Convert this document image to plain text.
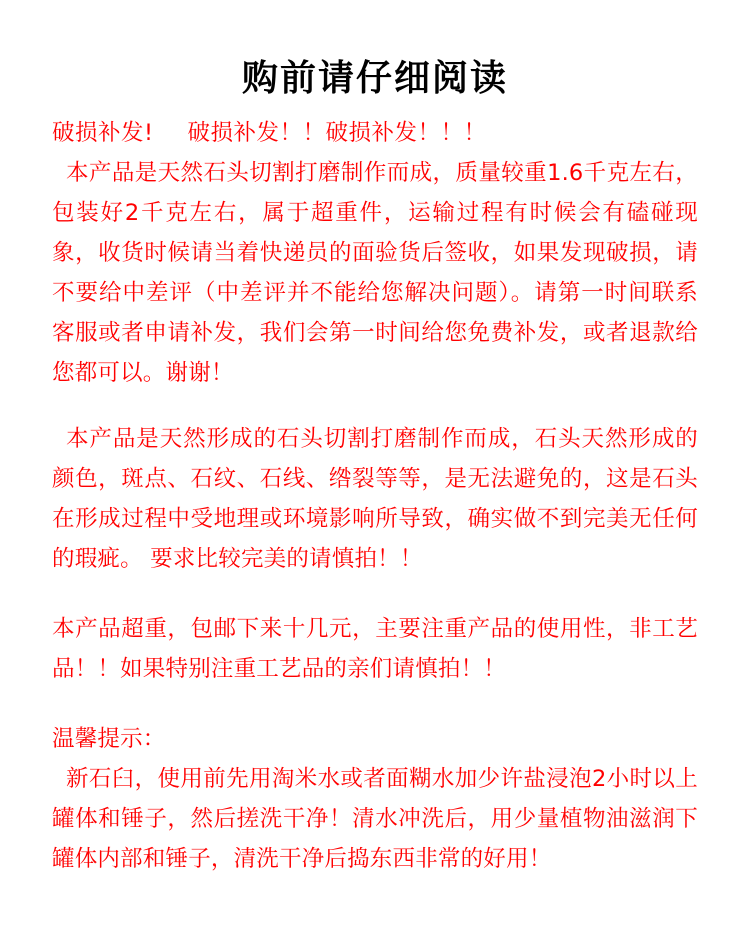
购前请仔细阅读

破损补发! 破损补发！！破损补发！！！

本产品是天然石头切割打磨制作而成，质量较重1.6千克左右，包装好2千克左右，属于超重件，运输过程有时候会有磕碰现象，收货时候请当着快递员的面验货后签收，如果发现破损，请不要给中差评（中差评并不能给您解决问题）。请第一时间联系客服或者申请补发，我们会第一时间给您免费补发，或者退款给您都可以。谢谢！

本产品是天然形成的石头切割打磨制作而成，石头天然形成的颜色，斑点、石纹、石线、绺裂等等，是无法避免的，这是石头在形成过程中受地理或环境影响所导致，确实做不到完美无任何的瑕疵。 要求比较完美的请慎拍！！

本产品超重，包邮下来十几元，主要注重产品的使用性，非工艺品！！如果特别注重工艺品的亲们请慎拍！！

温馨提示：

新石臼，使用前先用淘米水或者面糊水加少许盐浸泡2小时以上罐体和锤子，然后搓洗干净！清水冲洗后，用少量植物油滋润下罐体内部和锤子，清洗干净后捣东西非常的好用！
